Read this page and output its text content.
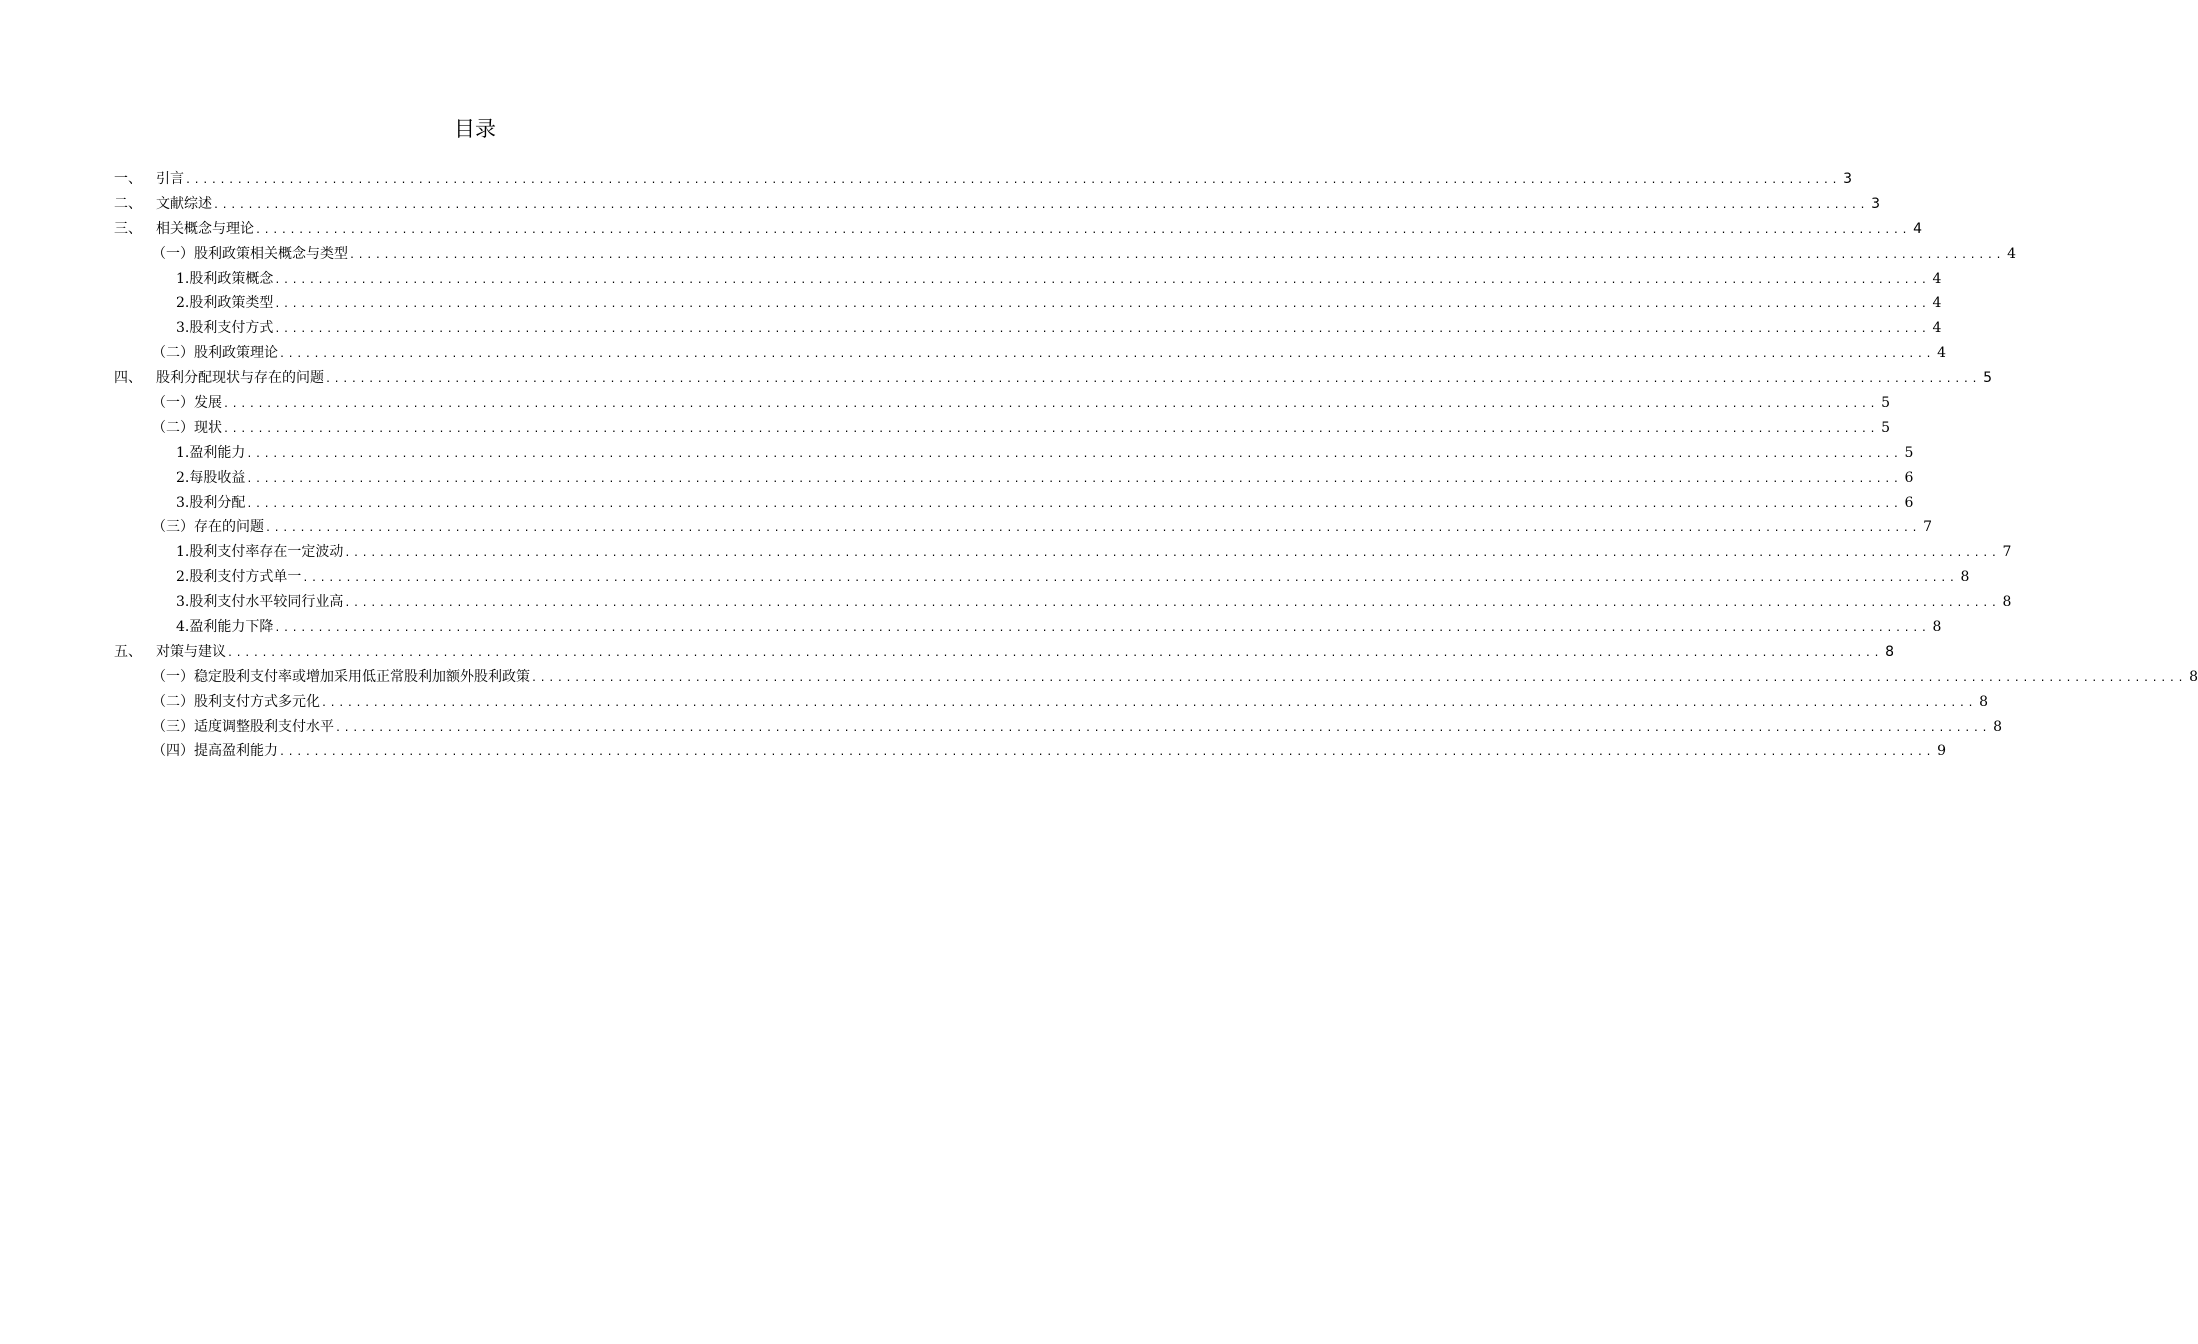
目录
一、	引言 ................................................................................................................................................................................................ 3
二、	文献综述 ................................................................................................................................................................................................ 3
三、	相关概念与理论 ................................................................................................................................................................................................ 4
（一） 股利政策相关概念与类型 ................................................................................................................................................................................................ 4
1. 股利政策概念 ................................................................................................................................................................................................ 4
2. 股利政策类型 ................................................................................................................................................................................................ 4
3. 股利支付方式 ................................................................................................................................................................................................ 4
（二） 股利政策理论 ................................................................................................................................................................................................ 4
四、	股利分配现状与存在的问题 ................................................................................................................................................................................................ 5
（一） 发展 ................................................................................................................................................................................................ 5
（二） 现状 ................................................................................................................................................................................................ 5
1. 盈利能力 ................................................................................................................................................................................................ 5
2. 每股收益 ................................................................................................................................................................................................ 6
3. 股利分配 ................................................................................................................................................................................................ 6
（三） 存在的问题 ................................................................................................................................................................................................ 7
1. 股利支付率存在一定波动 ................................................................................................................................................................................................ 7
2. 股利支付方式单一 ................................................................................................................................................................................................ 8
3. 股利支付水平较同行业高 ................................................................................................................................................................................................ 8
4. 盈利能力下降 ................................................................................................................................................................................................ 8
五、	对策与建议 ................................................................................................................................................................................................ 8
（一） 稳定股利支付率或增加采用低正常股利加额外股利政策 ................................................................................................................................................................................................ 8
（二） 股利支付方式多元化 ................................................................................................................................................................................................ 8
（三） 适度调整股利支付水平 ................................................................................................................................................................................................ 8
（四） 提高盈利能力 ................................................................................................................................................................................................ 9
